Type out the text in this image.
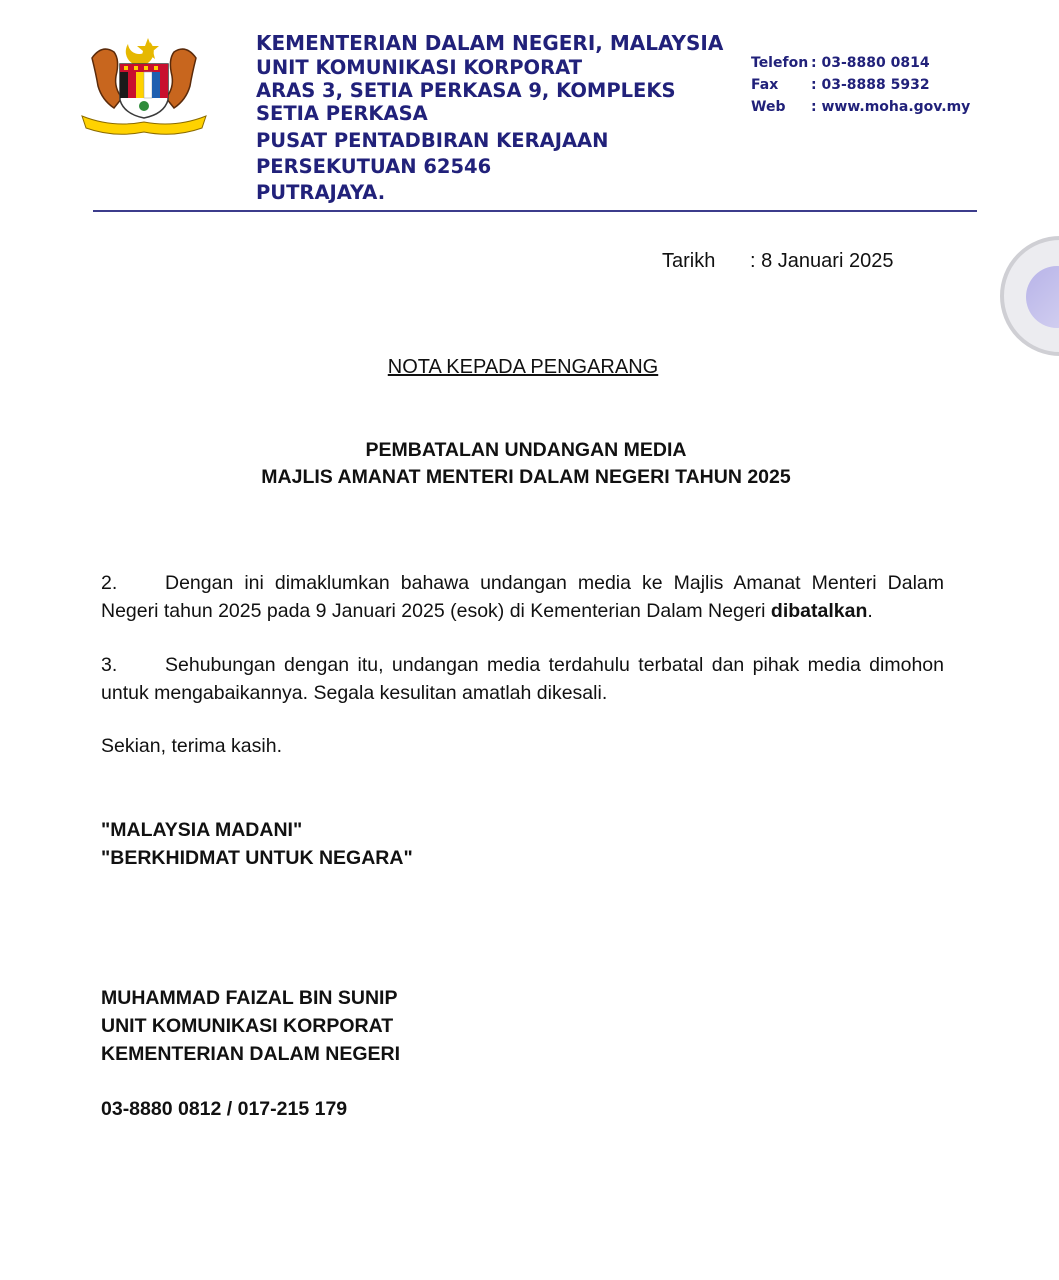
KEMENTERIAN DALAM NEGERI, MALAYSIA
UNIT KOMUNIKASI KORPORAT
ARAS 3, SETIA PERKASA 9, KOMPLEKS
SETIA PERKASA
PUSAT PENTADBIRAN KERAJAAN
PERSEKUTUAN 62546
PUTRAJAYA.
Telefon : 03-8880 0814
Fax	: 03-8888 5932
Web	: www.moha.gov.my
Tarikh	: 8 Januari 2025
NOTA KEPADA PENGARANG
PEMBATALAN UNDANGAN MEDIA
MAJLIS AMANAT MENTERI DALAM NEGERI TAHUN 2025
2. Dengan ini dimaklumkan bahawa undangan media ke Majlis Amanat Menteri Dalam Negeri tahun 2025 pada 9 Januari 2025 (esok) di Kementerian Dalam Negeri dibatalkan.
3. Sehubungan dengan itu, undangan media terdahulu terbatal dan pihak media dimohon untuk mengabaikannya. Segala kesulitan amatlah dikesali.
Sekian, terima kasih.
"MALAYSIA MADANI"
"BERKHIDMAT UNTUK NEGARA"
MUHAMMAD FAIZAL BIN SUNIP
UNIT KOMUNIKASI KORPORAT
KEMENTERIAN DALAM NEGERI
03-8880 0812 / 017-215 179
